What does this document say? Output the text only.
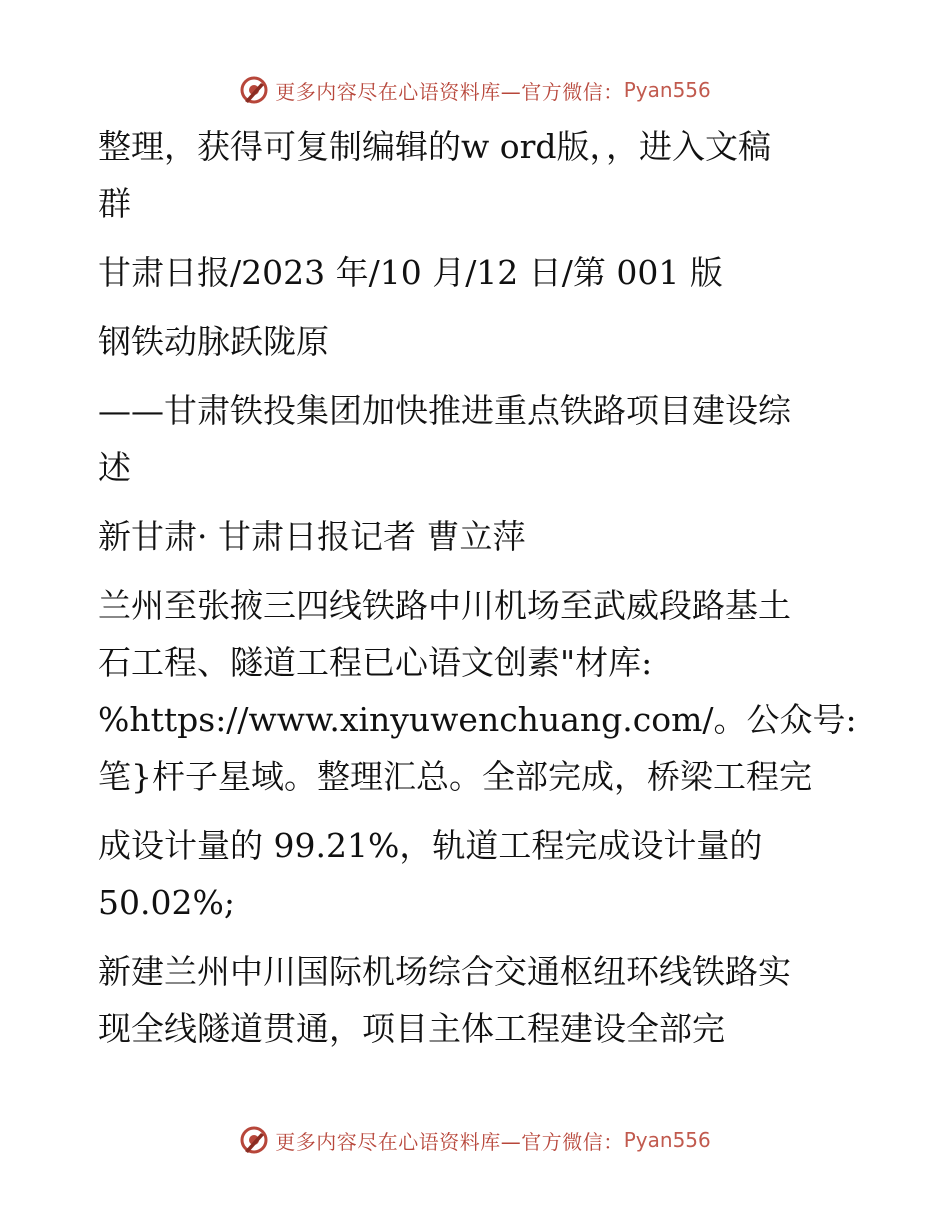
更多内容尽在心语资料库—官方微信： Pyan556

整理，获得可复制编辑的w ord版，，进入文稿
群

甘肃日报/2023 年/10 月/12 日/第 001 版

钢铁动脉跃陇原

——甘肃铁投集团加快推进重点铁路项目建设综
述

新甘肃· 甘肃日报记者 曹立萍

兰州至张掖三四线铁路中川机场至武威段路基土
石工程、隧道工程已心语文创素"材库:
%https://www.xinyuwenchuang.com/。公众号:
笔}杆子星域。整理汇总。全部完成，桥梁工程完

成设计量的 99.21%，轨道工程完成设计量的
50.02%;

新建兰州中川国际机场综合交通枢纽环线铁路实
现全线隧道贯通，项目主体工程建设全部完

更多内容尽在心语资料库—官方微信： Pyan556
